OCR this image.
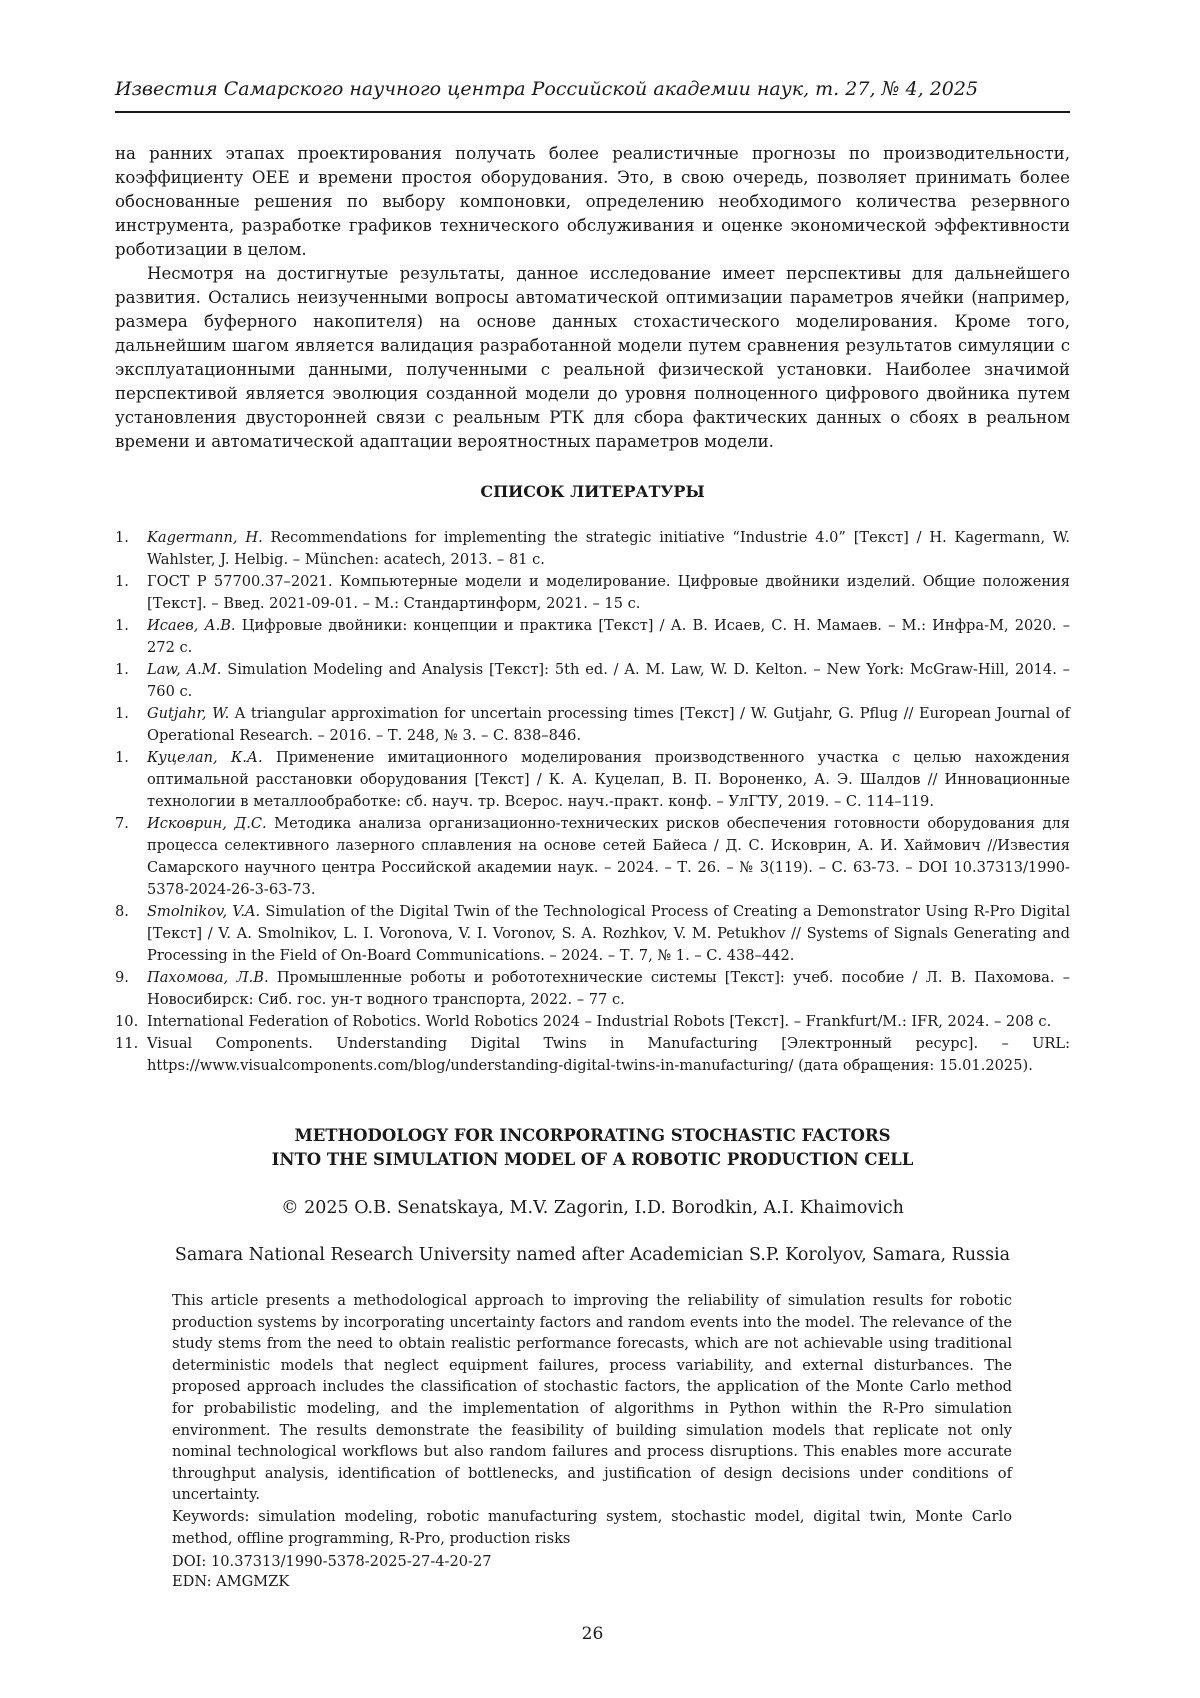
Известия Самарского научного центра Российской академии наук, т. 27, № 4, 2025

на ранних этапах проектирования получать более реалистичные прогнозы по производительности, коэффициенту OEE и времени простоя оборудования. Это, в свою очередь, позволяет принимать более обоснованные решения по выбору компоновки, определению необходимого количества резервного инструмента, разработке графиков технического обслуживания и оценке экономической эффективности роботизации в целом.

Несмотря на достигнутые результаты, данное исследование имеет перспективы для дальнейшего развития. Остались неизученными вопросы автоматической оптимизации параметров ячейки (например, размера буферного накопителя) на основе данных стохастического моделирования. Кроме того, дальнейшим шагом является валидация разработанной модели путем сравнения результатов симуляции с эксплуатационными данными, полученными с реальной физической установки. Наиболее значимой перспективой является эволюция созданной модели до уровня полноценного цифрового двойника путем установления двусторонней связи с реальным РТК для сбора фактических данных о сбоях в реальном времени и автоматической адаптации вероятностных параметров модели.

СПИСОК ЛИТЕРАТУРЫ
1.	Kagermann, H. Recommendations for implementing the strategic initiative “Industrie 4.0” [Текст] / H. Kagermann, W. Wahlster, J. Helbig. – München: acatech, 2013. – 81 c.
1.	ГОСТ Р 57700.37–2021. Компьютерные модели и моделирование. Цифровые двойники изделий. Общие положения [Текст]. – Введ. 2021-09-01. – М.: Стандартинформ, 2021. – 15 с.
1.	Исаев, А.В. Цифровые двойники: концепции и практика [Текст] / А. В. Исаев, С. Н. Мамаев. – М.: Инфра-М, 2020. – 272 с.
1.	Law, A.M. Simulation Modeling and Analysis [Текст]: 5th ed. / A. M. Law, W. D. Kelton. – New York: McGraw-Hill, 2014. – 760 c.
1.	Gutjahr, W. A triangular approximation for uncertain processing times [Текст] / W. Gutjahr, G. Pflug // European Journal of Operational Research. – 2016. – Т. 248, № 3. – С. 838–846.
1.	Куцелап, К.А. Применение имитационного моделирования производственного участка с целью нахождения оптимальной расстановки оборудования [Текст] / К. А. Куцелап, В. П. Вороненко, А. Э. Шалдов // Инновационные технологии в металлообработке: сб. науч. тр. Всерос. науч.-практ. конф. – УлГТУ, 2019. – С. 114–119.
7.	Исковрин, Д.С. Методика анализа организационно-технических рисков обеспечения готовности оборудования для процесса селективного лазерного сплавления на основе сетей Байеса / Д. С. Исковрин, А. И. Хаймович //Известия Самарского научного центра Российской академии наук. – 2024. – Т. 26. – № 3(119). – С. 63-73. – DOI 10.37313/1990-5378-2024-26-3-63-73.
8.	Smolnikov, V.A. Simulation of the Digital Twin of the Technological Process of Creating a Demonstrator Using R-Pro Digital [Текст] / V. A. Smolnikov, L. I. Voronova, V. I. Voronov, S. A. Rozhkov, V. M. Petukhov // Systems of Signals Generating and Processing in the Field of On-Board Communications. – 2024. – Т. 7, № 1. – С. 438–442.
9.	Пахомова, Л.В. Промышленные роботы и робототехнические системы [Текст]: учеб. пособие / Л. В. Пахомова. – Новосибирск: Сиб. гос. ун-т водного транспорта, 2022. – 77 с.
10. International Federation of Robotics. World Robotics 2024 – Industrial Robots [Текст]. – Frankfurt/M.: IFR, 2024. – 208 c.
11. Visual Components. Understanding Digital Twins in Manufacturing [Электронный ресурс]. – URL: https://www.visualcomponents.com/blog/understanding-digital-twins-in-manufacturing/ (дата обращения: 15.01.2025).
METHODOLOGY FOR INCORPORATING STOCHASTIC FACTORS
INTO THE SIMULATION MODEL OF A ROBOTIC PRODUCTION CELL
© 2025 O.B. Senatskaya, M.V. Zagorin, I.D. Borodkin, A.I. Khaimovich
Samara National Research University named after Academician S.P. Korolyov, Samara, Russia

This article presents a methodological approach to improving the reliability of simulation results for robotic production systems by incorporating uncertainty factors and random events into the model. The relevance of the study stems from the need to obtain realistic performance forecasts, which are not achievable using traditional deterministic models that neglect equipment failures, process variability, and external disturbances. The proposed approach includes the classification of stochastic factors, the application of the Monte Carlo method for probabilistic modeling, and the implementation of algorithms in Python within the R-Pro simulation environment. The results demonstrate the feasibility of building simulation models that replicate not only nominal technological workflows but also random failures and process disruptions. This enables more accurate throughput analysis, identification of bottlenecks, and justification of design decisions under conditions of uncertainty.

Keywords: simulation modeling, robotic manufacturing system, stochastic model, digital twin, Monte Carlo method, offline programming, R-Pro, production risks

DOI: 10.37313/1990-5378-2025-27-4-20-27
EDN: AMGMZK
26
